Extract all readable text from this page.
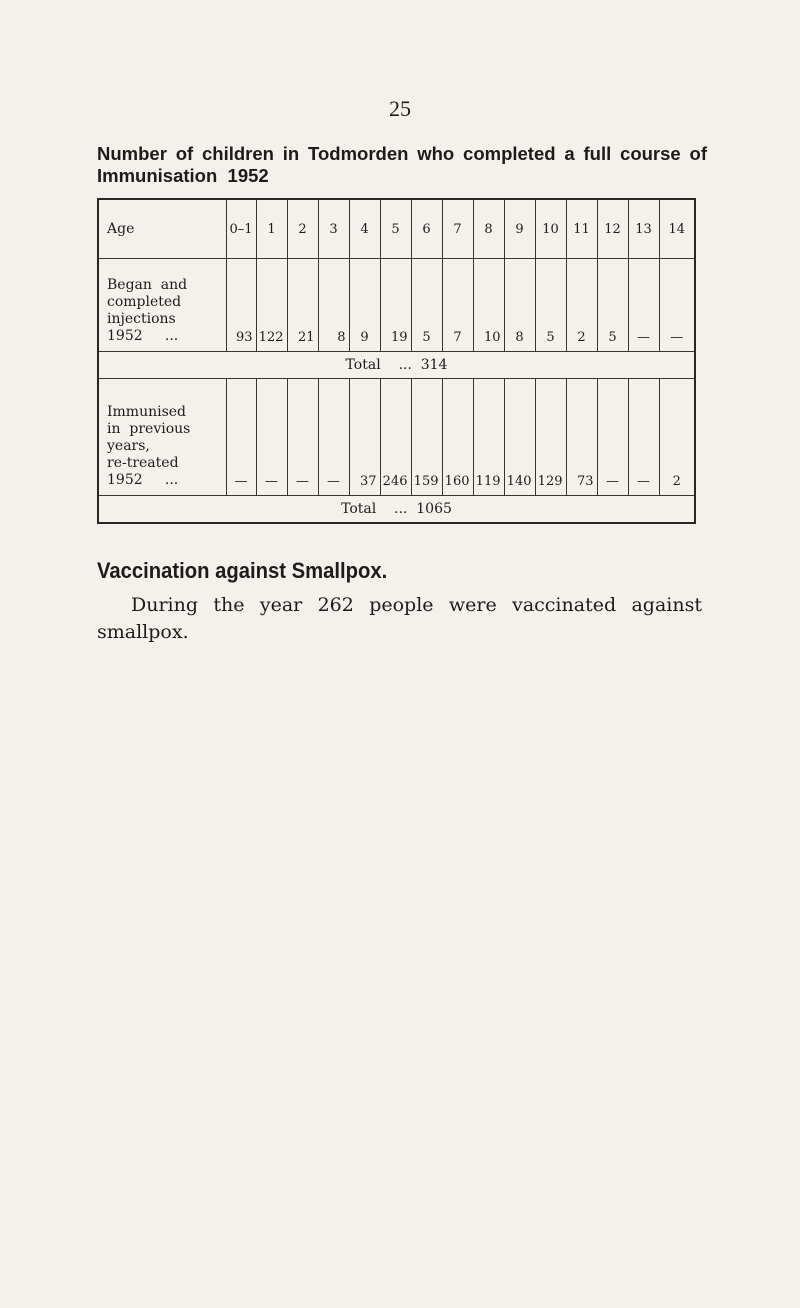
25
Number of children in Todmorden who completed a full course of
Immunisation  1952
Age	0–1	1	2	3	4	5	6	7	8	9	10	11	12	13	14

Began  and
completed
injections
1952     ...	93	122	21	8	9	19	5	7	10	8	5	2	5	—	—
Total    ...  314															

Immunised
in  previous
years,
re-treated
1952     ...	—	—	—	—	37	246	159	160	119	140	129	73	—	—	2
Total    ...  1065															
Vaccination against Smallpox.
During the year 262 people were vaccinated against smallpox.
